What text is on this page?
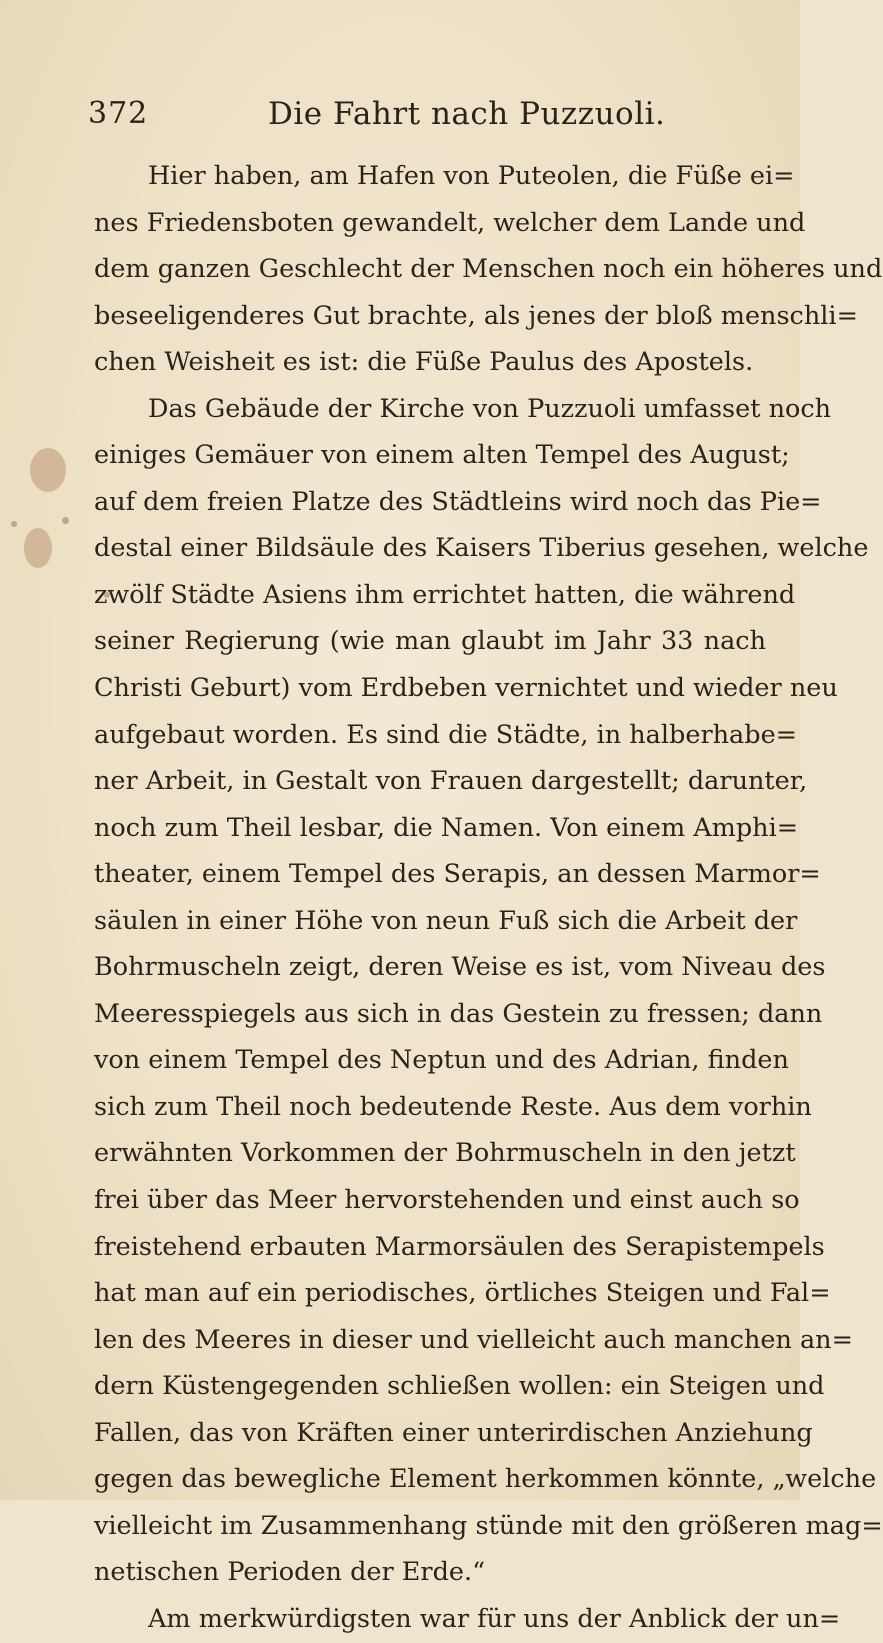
372	Die Fahrt nach Puzzuoli.
Hier haben, am Hafen von Puteolen, die Füße ei=
nes Friedensboten gewandelt, welcher dem Lande und
dem ganzen Geschlecht der Menschen noch ein höheres und
beseeligenderes Gut brachte, als jenes der bloß menschli=
chen Weisheit es ist: die Füße Paulus des Apostels.
Das Gebäude der Kirche von Puzzuoli umfasset noch
einiges Gemäuer von einem alten Tempel des August;
auf dem freien Platze des Städtleins wird noch das Pie=
destal einer Bildsäule des Kaisers Tiberius gesehen, welche
zwölf Städte Asiens ihm errichtet hatten, die während
seiner Regierung (wie man glaubt im Jahr 33 nach
Christi Geburt) vom Erdbeben vernichtet und wieder neu
aufgebaut worden. Es sind die Städte, in halberhabe=
ner Arbeit, in Gestalt von Frauen dargestellt; darunter,
noch zum Theil lesbar, die Namen. Von einem Amphi=
theater, einem Tempel des Serapis, an dessen Marmor=
säulen in einer Höhe von neun Fuß sich die Arbeit der
Bohrmuscheln zeigt, deren Weise es ist, vom Niveau des
Meeresspiegels aus sich in das Gestein zu fressen; dann
von einem Tempel des Neptun und des Adrian, finden
sich zum Theil noch bedeutende Reste. Aus dem vorhin
erwähnten Vorkommen der Bohrmuscheln in den jetzt
frei über das Meer hervorstehenden und einst auch so
freistehend erbauten Marmorsäulen des Serapistempels
hat man auf ein periodisches, örtliches Steigen und Fal=
len des Meeres in dieser und vielleicht auch manchen an=
dern Küstengegenden schließen wollen: ein Steigen und
Fallen, das von Kräften einer unterirdischen Anziehung
gegen das bewegliche Element herkommen könnte, „welche
vielleicht im Zusammenhang stünde mit den größeren mag=
netischen Perioden der Erde.“
Am merkwürdigsten war für uns der Anblick der un=
